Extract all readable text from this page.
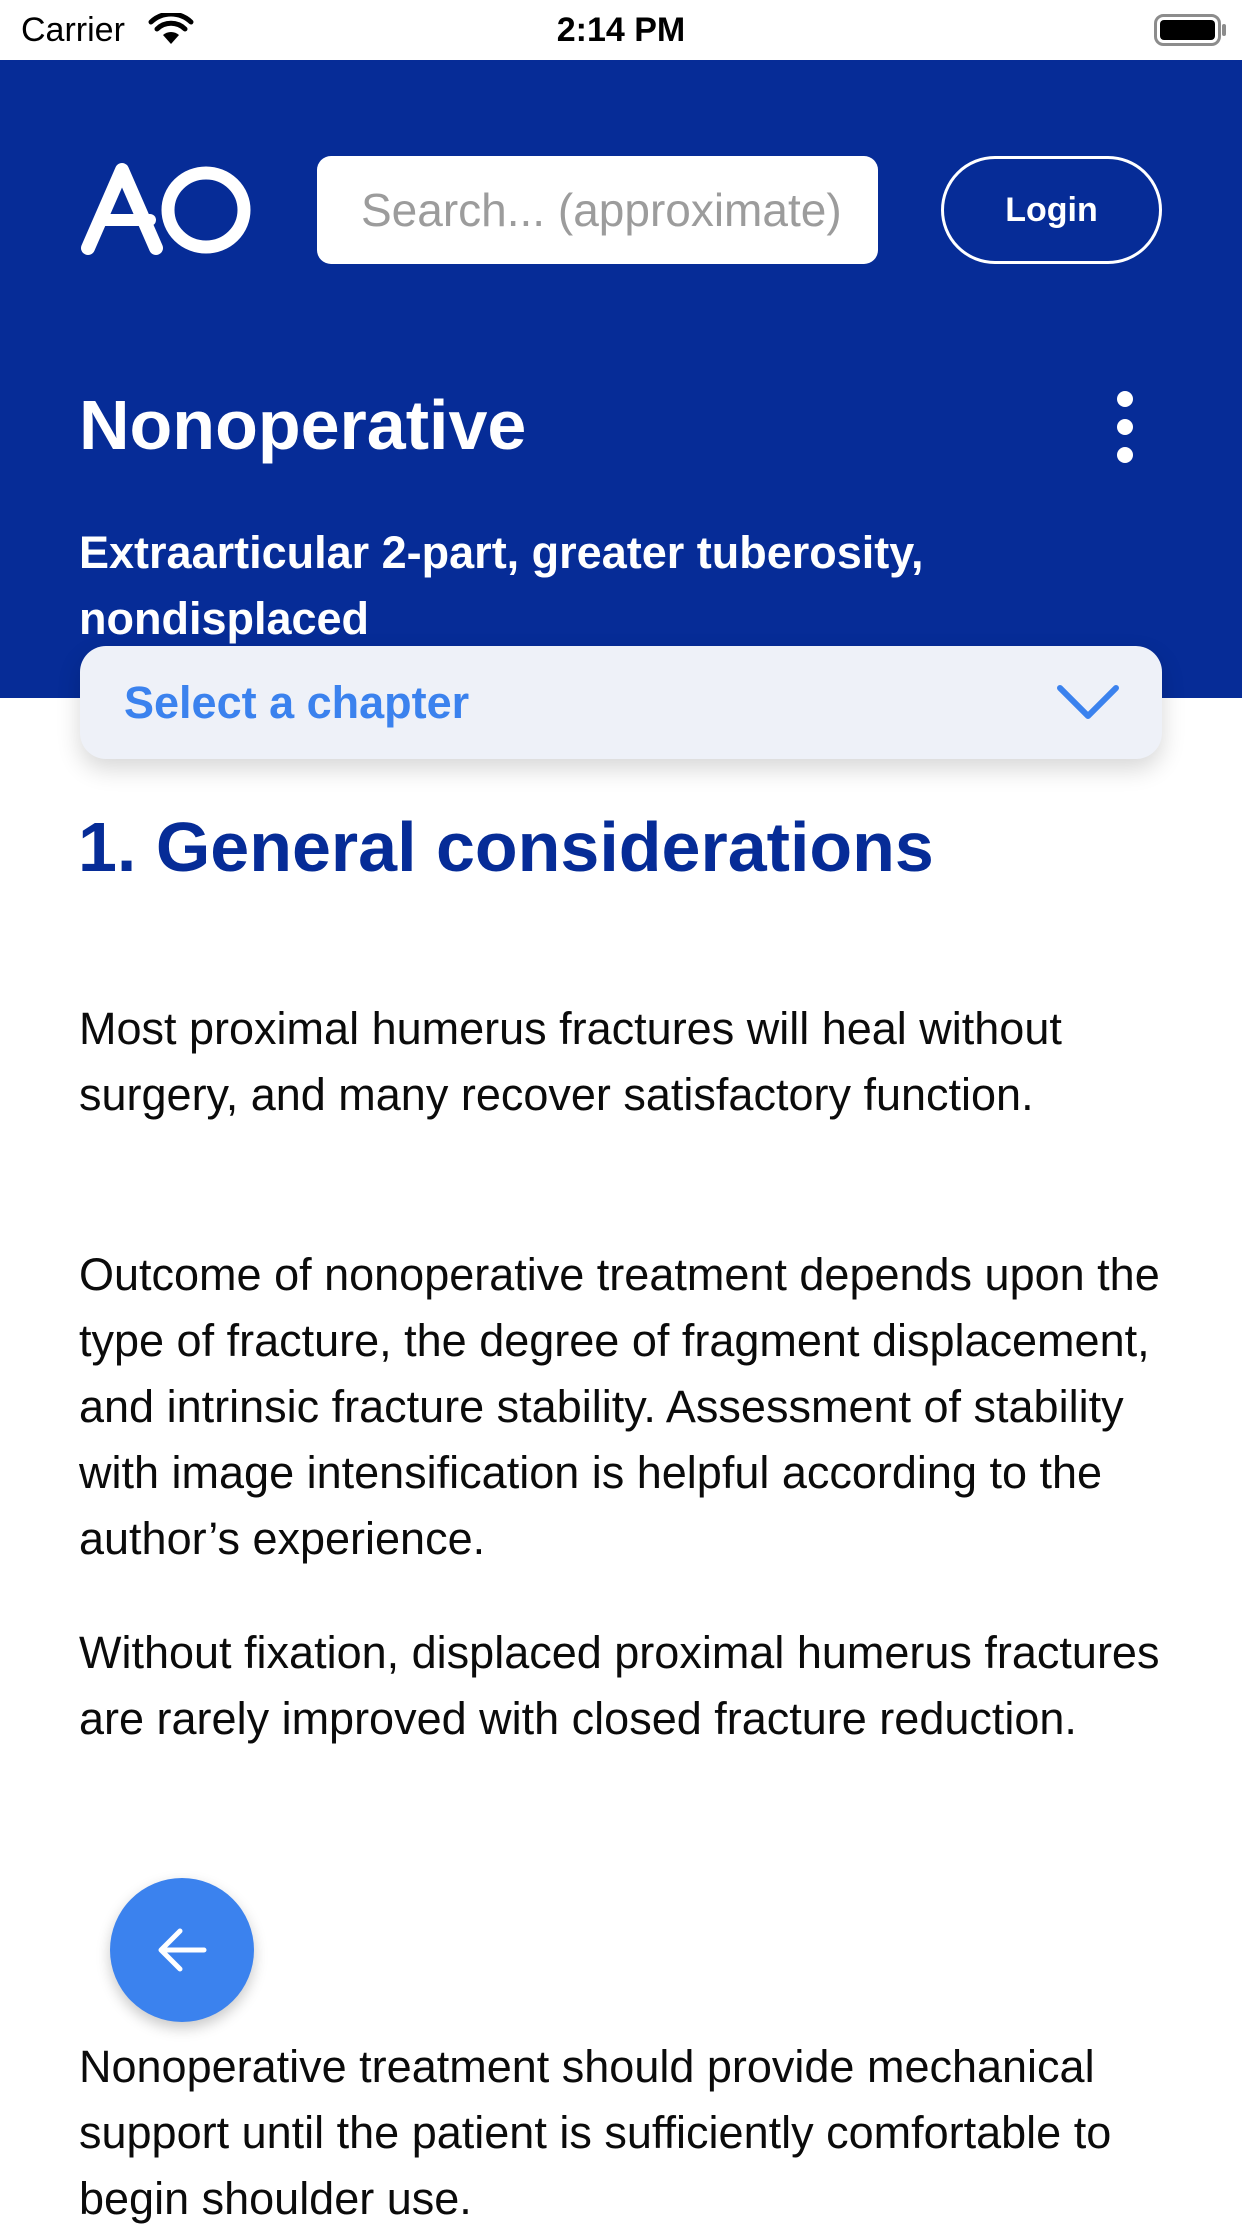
Carrier	2:14 PM
Search... (approximate)
Login
Nonoperative

Extraarticular 2-part, greater tuberosity, nondisplaced

Select a chapter
1. General considerations

Most proximal humerus fractures will heal without surgery, and many recover satisfactory function.

Outcome of nonoperative treatment depends upon the type of fracture, the degree of fragment displacement, and intrinsic fracture stability. Assessment of stability with image intensification is helpful according to the author’s experience.

Without fixation, displaced proximal humerus fractures are rarely improved with closed fracture reduction.

Nonoperative treatment should provide mechanical support until the patient is sufficiently comfortable to begin shoulder use.
